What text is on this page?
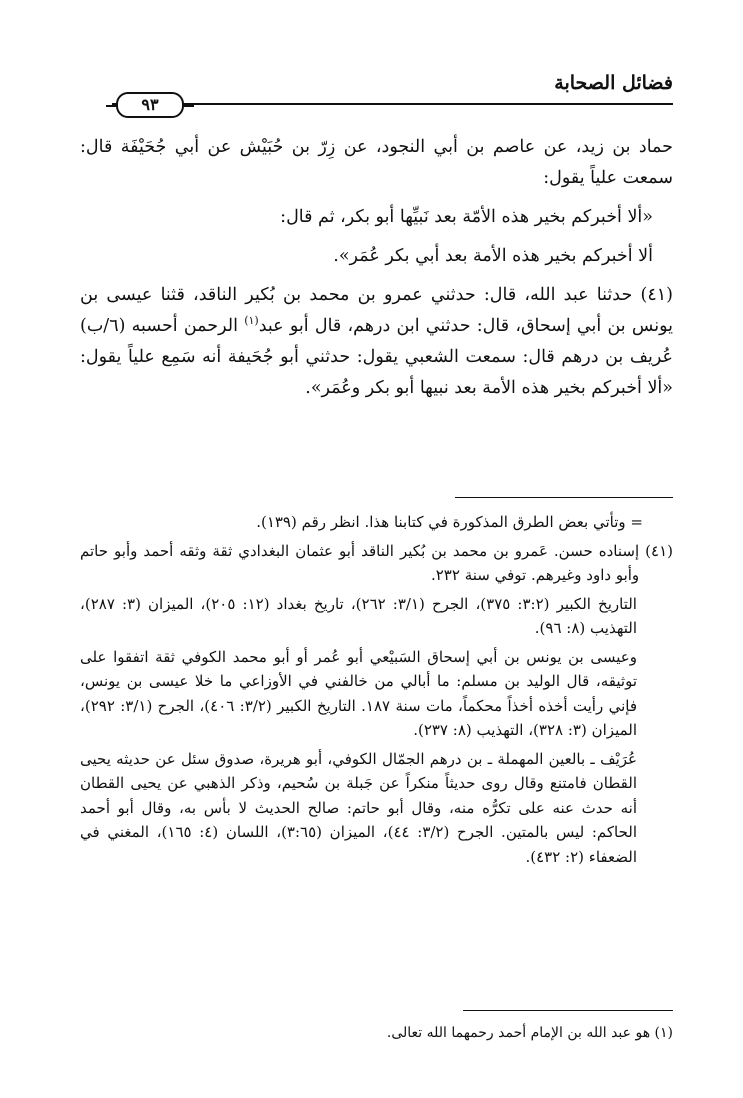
فضائل الصحابة
٩٣

حماد بن زيد، عن عاصم بن أبي النجود، عن زِرّ بن حُبَيْش عن أبي جُحَيْفَة قال: سمعت علياً يقول:

«ألا أخبركم بخير هذه الأمّة بعد نَبيِّها أبو بكر، ثم قال:

ألا أخبركم بخير هذه الأمة بعد أبي بكر عُمَر».

(٤١) حدثنا عبد الله، قال: حدثني عمرو بن محمد بن بُكير الناقد، قثنا عيسى بن يونس بن أبي إسحاق، قال: حدثني ابن درهم، قال أبو عبد$^{(١)}$ الرحمن أحسبه (٦/ب) عُريف بن درهم قال: سمعت الشعبي يقول: حدثني أبو جُحَيفة أنه سَمِع علياً يقول: «ألا أخبركم بخير هذه الأمة بعد نبيها أبو بكر وعُمَر».

= وتأتي بعض الطرق المذكورة في كتابنا هذا. انظر رقم (١٣٩).

(٤١)

إسناده حسن. عَمرو بن محمد بن بُكير الناقد أبو عثمان البغدادي ثقة وثقه أحمد وأبو حاتم وأبو داود وغيرهم. توفي سنة ٢٣٢.

التاريخ الكبير (٣:٢: ٣٧٥)، الجرح (٣/١: ٢٦٢)، تاريخ بغداد (١٢: ٢٠٥)، الميزان (٣: ٢٨٧)، التهذيب (٨: ٩٦).

وعيسى بن يونس بن أبي إسحاق السَبيْعي أبو عُمر أو أبو محمد الكوفي ثقة اتفقوا على توثيقه، قال الوليد بن مسلم: ما أبالي من خالفني في الأوزاعي ما خلا عيسى بن يونس، فإني رأيت أخذه أخذاً محكماً، مات سنة ١٨٧. التاريخ الكبير (٣/٢: ٤٠٦)، الجرح (٣/١: ٢٩٢)، الميزان (٣: ٣٢٨)، التهذيب (٨: ٢٣٧).

عُرَيْف ـ بالعين المهملة ـ بن درهم الجمّال الكوفي، أبو هريرة، صدوق سئل عن حديثه يحيى القطان فامتنع وقال روى حديثاً منكراً عن جَبلة بن سُحيم، وذكر الذهبي عن يحيى القطان أنه حدث عنه على تكرُّه منه، وقال أبو حاتم: صالح الحديث لا بأس به، وقال أبو أحمد الحاكم: ليس بالمتين. الجرح (٣/٢: ٤٤)، الميزان (٣:٦٥)، اللسان (٤: ١٦٥)، المغني في الضعفاء (٢: ٤٣٢).

(١) هو عبد الله بن الإمام أحمد رحمهما الله تعالى.
